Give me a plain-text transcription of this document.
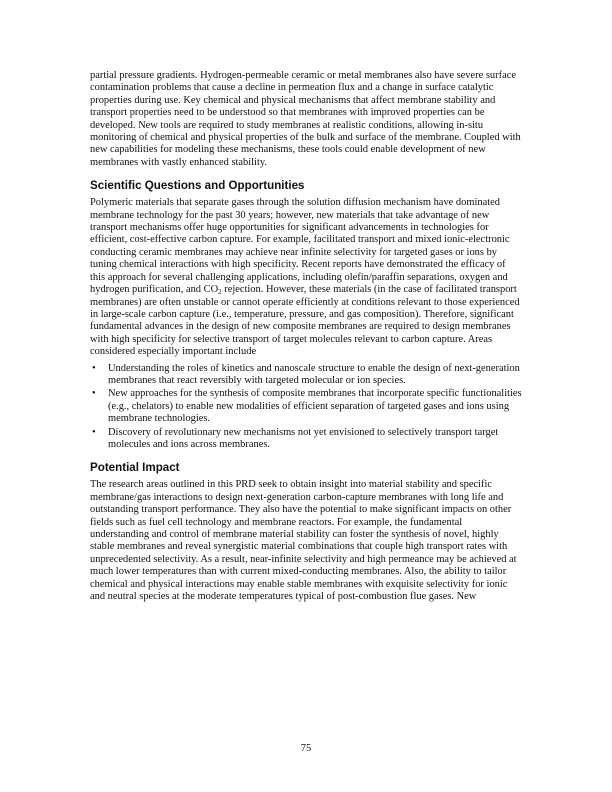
partial pressure gradients. Hydrogen-permeable ceramic or metal membranes also have severe surface contamination problems that cause a decline in permeation flux and a change in surface catalytic properties during use. Key chemical and physical mechanisms that affect membrane stability and transport properties need to be understood so that membranes with improved properties can be developed. New tools are required to study membranes at realistic conditions, allowing in-situ monitoring of chemical and physical properties of the bulk and surface of the membrane. Coupled with new capabilities for modeling these mechanisms, these tools could enable development of new membranes with vastly enhanced stability.

Scientific Questions and Opportunities

Polymeric materials that separate gases through the solution diffusion mechanism have dominated membrane technology for the past 30 years; however, new materials that take advantage of new transport mechanisms offer huge opportunities for significant advancements in technologies for efficient, cost-effective carbon capture. For example, facilitated transport and mixed ionic-electronic conducting ceramic membranes may achieve near infinite selectivity for targeted gases or ions by tuning chemical interactions with high specificity. Recent reports have demonstrated the efficacy of this approach for several challenging applications, including olefin/paraffin separations, oxygen and hydrogen purification, and $CO_2$ rejection. However, these materials (in the case of facilitated transport membranes) are often unstable or cannot operate efficiently at conditions relevant to those experienced in large-scale carbon capture (i.e., temperature, pressure, and gas composition). Therefore, significant fundamental advances in the design of new composite membranes are required to design membranes with high specificity for selective transport of target molecules relevant to carbon capture. Areas considered especially important include

• Understanding the roles of kinetics and nanoscale structure to enable the design of next-generation membranes that react reversibly with targeted molecular or ion species.
• New approaches for the synthesis of composite membranes that incorporate specific functionalities (e.g., chelators) to enable new modalities of efficient separation of targeted gases and ions using membrane technologies.
• Discovery of revolutionary new mechanisms not yet envisioned to selectively transport target molecules and ions across membranes.
Potential Impact

The research areas outlined in this PRD seek to obtain insight into material stability and specific membrane/gas interactions to design next-generation carbon-capture membranes with long life and outstanding transport performance. They also have the potential to make significant impacts on other fields such as fuel cell technology and membrane reactors. For example, the fundamental understanding and control of membrane material stability can foster the synthesis of novel, highly stable membranes and reveal synergistic material combinations that couple high transport rates with unprecedented selectivity. As a result, near-infinite selectivity and high permeance may be achieved at much lower temperatures than with current mixed-conducting membranes. Also, the ability to tailor chemical and physical interactions may enable stable membranes with exquisite selectivity for ionic and neutral species at the moderate temperatures typical of post-combustion flue gases. New

75
